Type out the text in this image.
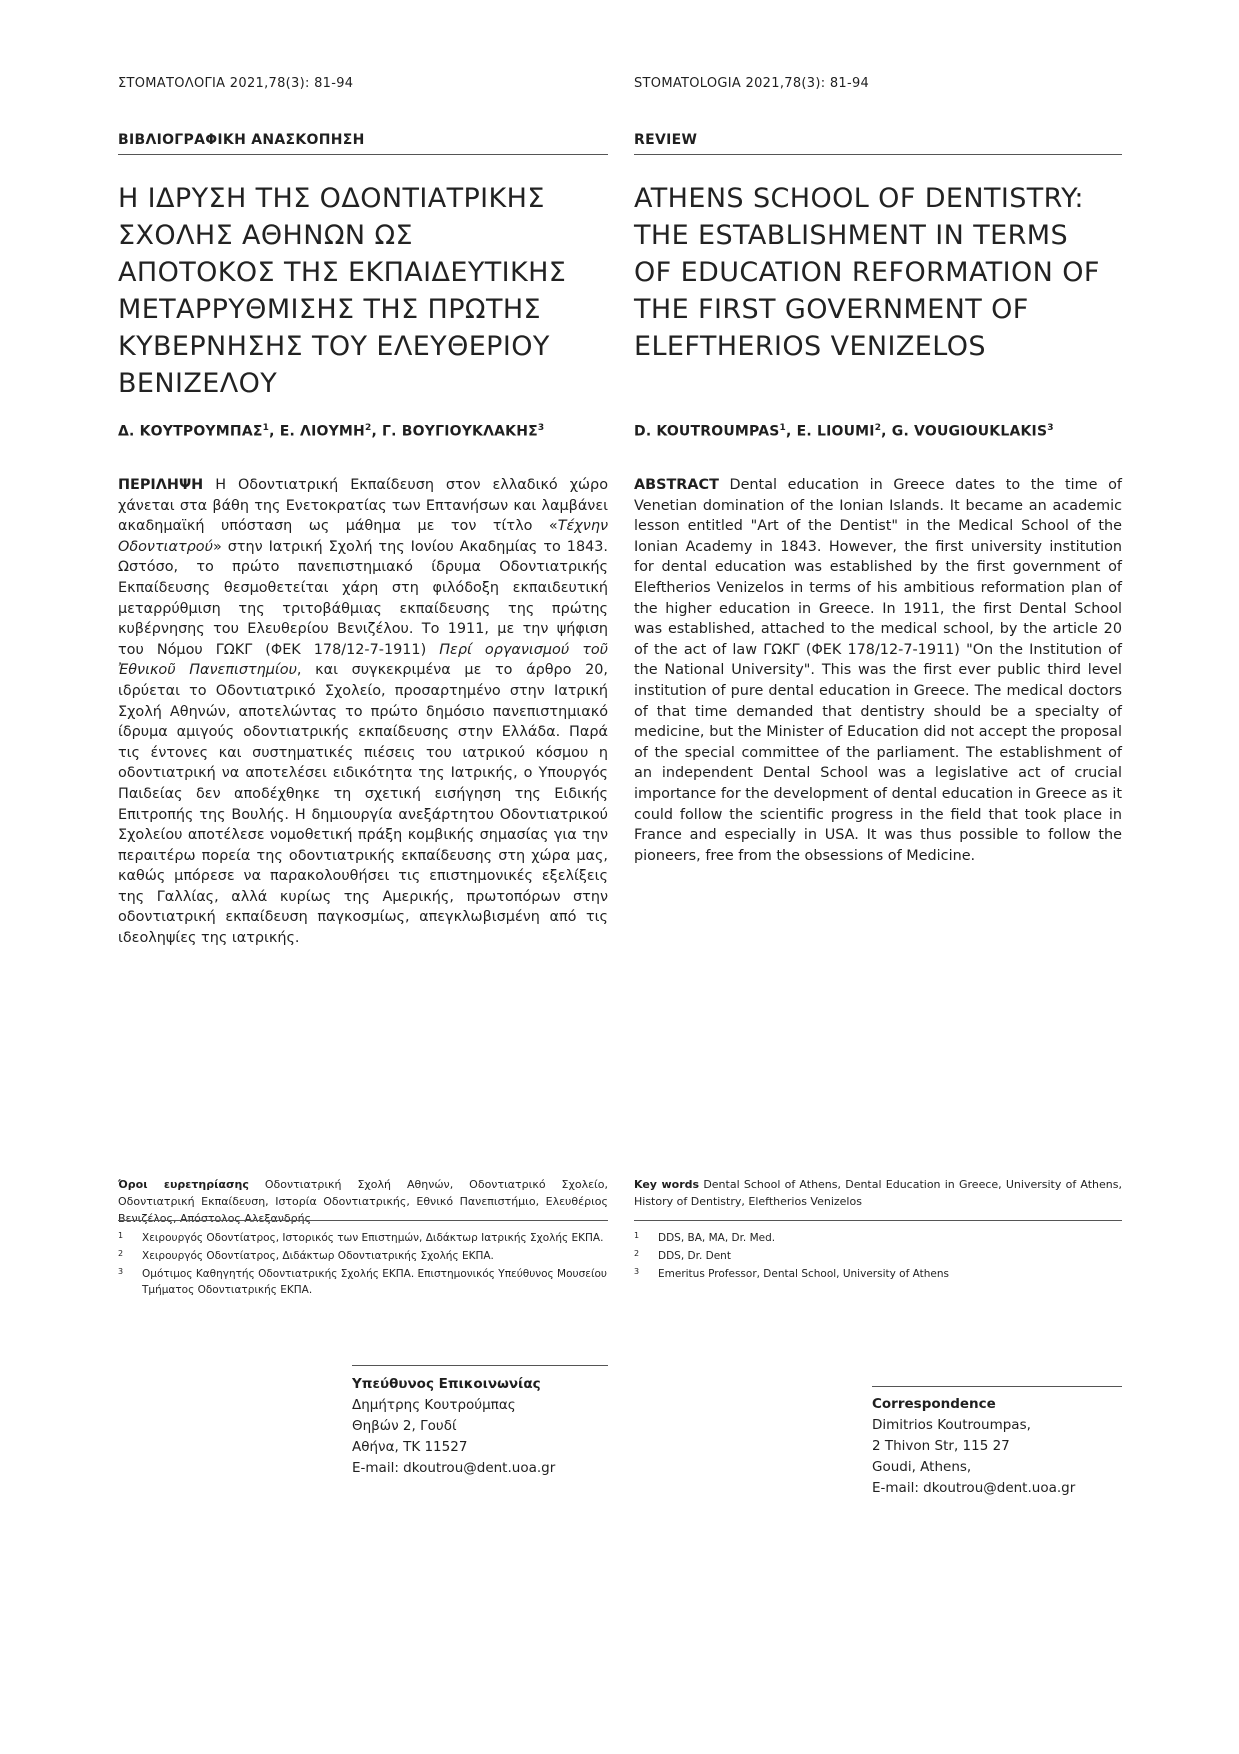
ΣΤΟΜΑΤΟΛΟΓΙΑ 2021,78(3): 81-94
ΒΙΒΛΙΟΓΡΑΦΙΚΗ ΑΝΑΣΚΟΠΗΣΗ
Η ΙΔΡΥΣΗ ΤΗΣ ΟΔΟΝΤΙΑΤΡΙΚΗΣ
ΣΧΟΛΗΣ ΑΘΗΝΩΝ ΩΣ
ΑΠΟΤΟΚΟΣ ΤΗΣ ΕΚΠΑΙΔΕΥΤΙΚΗΣ
ΜΕΤΑΡΡΥΘΜΙΣΗΣ ΤΗΣ ΠΡΩΤΗΣ
ΚΥΒΕΡΝΗΣΗΣ ΤΟΥ ΕΛΕΥΘΕΡΙΟΥ
ΒΕΝΙΖΕΛΟΥ
Δ. ΚΟΥΤΡΟΥΜΠΑΣ$^1$, Ε. ΛΙΟΥΜΗ$^2$, Γ. ΒΟΥΓΙΟΥΚΛΑΚΗΣ$^3$
ΠΕΡΙΛΗΨΗ Η Οδοντιατρική Εκπαίδευση στον ελλαδικό χώρο χάνεται στα βάθη της Ενετοκρατίας των Επτανήσων και λαμβάνει ακαδημαϊκή υπόσταση ως μάθημα με τον τίτλο «Τέχνην Οδοντιατρού» στην Ιατρική Σχολή της Ιονίου Ακαδημίας το 1843. Ωστόσο, το πρώτο πανεπιστημιακό ίδρυμα Οδοντιατρικής Εκπαίδευσης θεσμοθετείται χάρη στη φιλόδοξη εκπαιδευτική μεταρρύθμιση της τριτοβάθμιας εκπαίδευσης της πρώτης κυβέρνησης του Ελευθερίου Βενιζέλου. Το 1911, με την ψήφιση του Νόμου ΓΩΚΓ (ΦΕΚ 178/12-7-1911) Περί οργανισμού τοῦ Ἐθνικοῦ Πανεπιστημίου, και συγκεκριμένα με το άρθρο 20, ιδρύεται το Οδοντιατρικό Σχολείο, προσαρτημένο στην Ιατρική Σχολή Αθηνών, αποτελώντας το πρώτο δημόσιο πανεπιστημιακό ίδρυμα αμιγούς οδοντιατρικής εκπαίδευσης στην Ελλάδα. Παρά τις έντονες και συστηματικές πιέσεις του ιατρικού κόσμου η οδοντιατρική να αποτελέσει ειδικότητα της Ιατρικής, ο Υπουργός Παιδείας δεν αποδέχθηκε τη σχετική εισήγηση της Ειδικής Επιτροπής της Βουλής. Η δημιουργία ανεξάρτητου Οδοντιατρικού Σχολείου αποτέλεσε νομοθετική πράξη κομβικής σημασίας για την περαιτέρω πορεία της οδοντιατρικής εκπαίδευσης στη χώρα μας, καθώς μπόρεσε να παρακολουθήσει τις επιστημονικές εξελίξεις της Γαλλίας, αλλά κυρίως της Αμερικής, πρωτοπόρων στην οδοντιατρική εκπαίδευση παγκοσμίως, απεγκλωβισμένη από τις ιδεοληψίες της ιατρικής.
Όροι ευρετηρίασης Οδοντιατρική Σχολή Αθηνών, Οδοντιατρικό Σχολείο, Οδοντιατρική Εκπαίδευση, Ιστορία Οδοντιατρικής, Εθνικό Πανεπιστήμιο, Ελευθέριος Βενιζέλος, Απόστολος Αλεξανδρής
1 Χειρουργός Οδοντίατρος, Ιστορικός των Επιστημών, Διδάκτωρ Ιατρικής Σχολής ΕΚΠΑ.
2 Χειρουργός Οδοντίατρος, Διδάκτωρ Οδοντιατρικής Σχολής ΕΚΠΑ.
3 Ομότιμος Καθηγητής Οδοντιατρικής Σχολής ΕΚΠΑ. Επιστημονικός Υπεύθυνος Μουσείου Τμήματος Οδοντιατρικής ΕΚΠΑ.
Υπεύθυνος Επικοινωνίας
Δημήτρης Κουτρούμπας
Θηβών 2, Γουδί
Αθήνα, ΤΚ 11527
E-mail: dkoutrou@dent.uoa.gr
STOMATOLOGIA 2021,78(3): 81-94
REVIEW
ATHENS SCHOOL OF DENTISTRY:
THE ESTABLISHMENT IN TERMS
OF EDUCATION REFORMATION OF
THE FIRST GOVERNMENT OF
ELEFTHERIOS VENIZELOS
D. KOUTROUMPAS$^1$, E. LIOUMI$^2$, G. VOUGIOUKLAKIS$^3$
ABSTRACT Dental education in Greece dates to the time of Venetian domination of the Ionian Islands. It became an academic lesson entitled "Art of the Dentist" in the Medical School of the Ionian Academy in 1843. However, the first university institution for dental education was established by the first government of Eleftherios Venizelos in terms of his ambitious reformation plan of the higher education in Greece. In 1911, the first Dental School was established, attached to the medical school, by the article 20 of the act of law ΓΩΚΓ (ΦΕΚ 178/12-7-1911) "On the Institution of the National University". This was the first ever public third level institution of pure dental education in Greece. The medical doctors of that time demanded that dentistry should be a specialty of medicine, but the Minister of Education did not accept the proposal of the special committee of the parliament. The establishment of an independent Dental School was a legislative act of crucial importance for the development of dental education in Greece as it could follow the scientific progress in the field that took place in France and especially in USA. It was thus possible to follow the pioneers, free from the obsessions of Medicine.
Key words Dental School of Athens, Dental Education in Greece, University of Athens, History of Dentistry, Eleftherios Venizelos
1 DDS, BA, MA, Dr. Med.
2 DDS, Dr. Dent
3 Emeritus Professor, Dental School, University of Athens
Correspondence
Dimitrios Koutroumpas,
2 Thivon Str, 115 27
Goudi, Athens,
E-mail: dkoutrou@dent.uoa.gr
